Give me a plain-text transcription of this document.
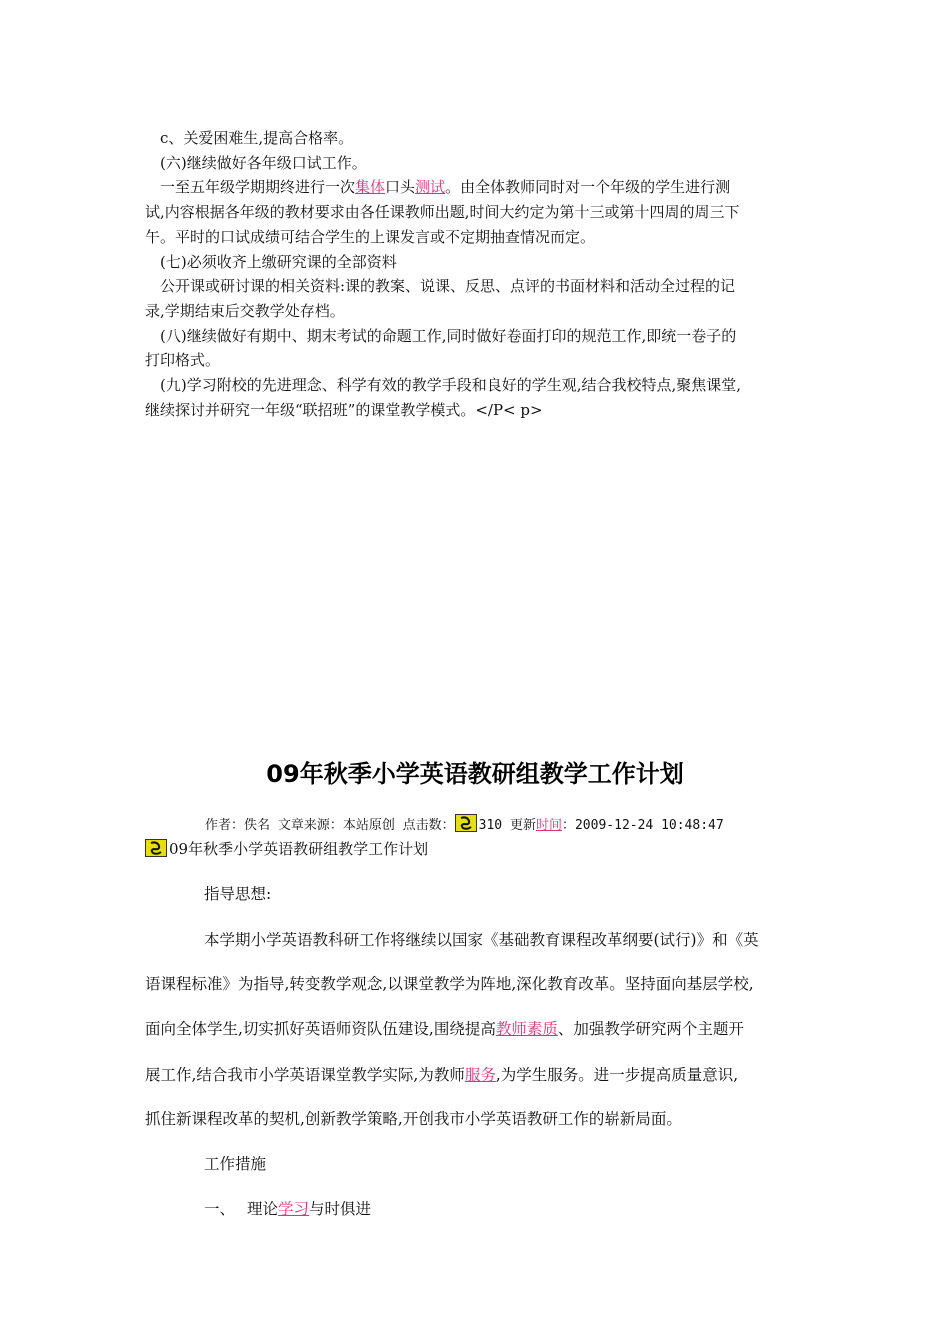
c、关爱困难生,提高合格率。
(六)继续做好各年级口试工作。
一至五年级学期期终进行一次集体口头测试。由全体教师同时对一个年级的学生进行测
试,内容根据各年级的教材要求由各任课教师出题,时间大约定为第十三或第十四周的周三下
午。平时的口试成绩可结合学生的上课发言或不定期抽查情况而定。
(七)必须收齐上缴研究课的全部资料
公开课或研讨课的相关资料:课的教案、说课、反思、点评的书面材料和活动全过程的记
录,学期结束后交教学处存档。
(八)继续做好有期中、期末考试的命题工作,同时做好卷面打印的规范工作,即统一卷子的
打印格式。
(九)学习附校的先进理念、科学有效的教学手段和良好的学生观,结合我校特点,聚焦课堂,
继续探讨并研究一年级“联招班”的课堂教学模式。</P< p>
09年秋季小学英语教研组教学工作计划
作者：佚名 文章来源：本站原创 点击数： 310 更新时间：2009-12-24 10:48:47
09年秋季小学英语教研组教学工作计划
指导思想:
本学期小学英语教科研工作将继续以国家《基础教育课程改革纲要(试行)》和《英
语课程标准》为指导,转变教学观念,以课堂教学为阵地,深化教育改革。坚持面向基层学校,
面向全体学生,切实抓好英语师资队伍建设,围绕提高教师素质、加强教学研究两个主题开
展工作,结合我市小学英语课堂教学实际,为教师服务,为学生服务。进一步提高质量意识,
抓住新课程改革的契机,创新教学策略,开创我市小学英语教研工作的崭新局面。
工作措施
一、 理论学习与时俱进
